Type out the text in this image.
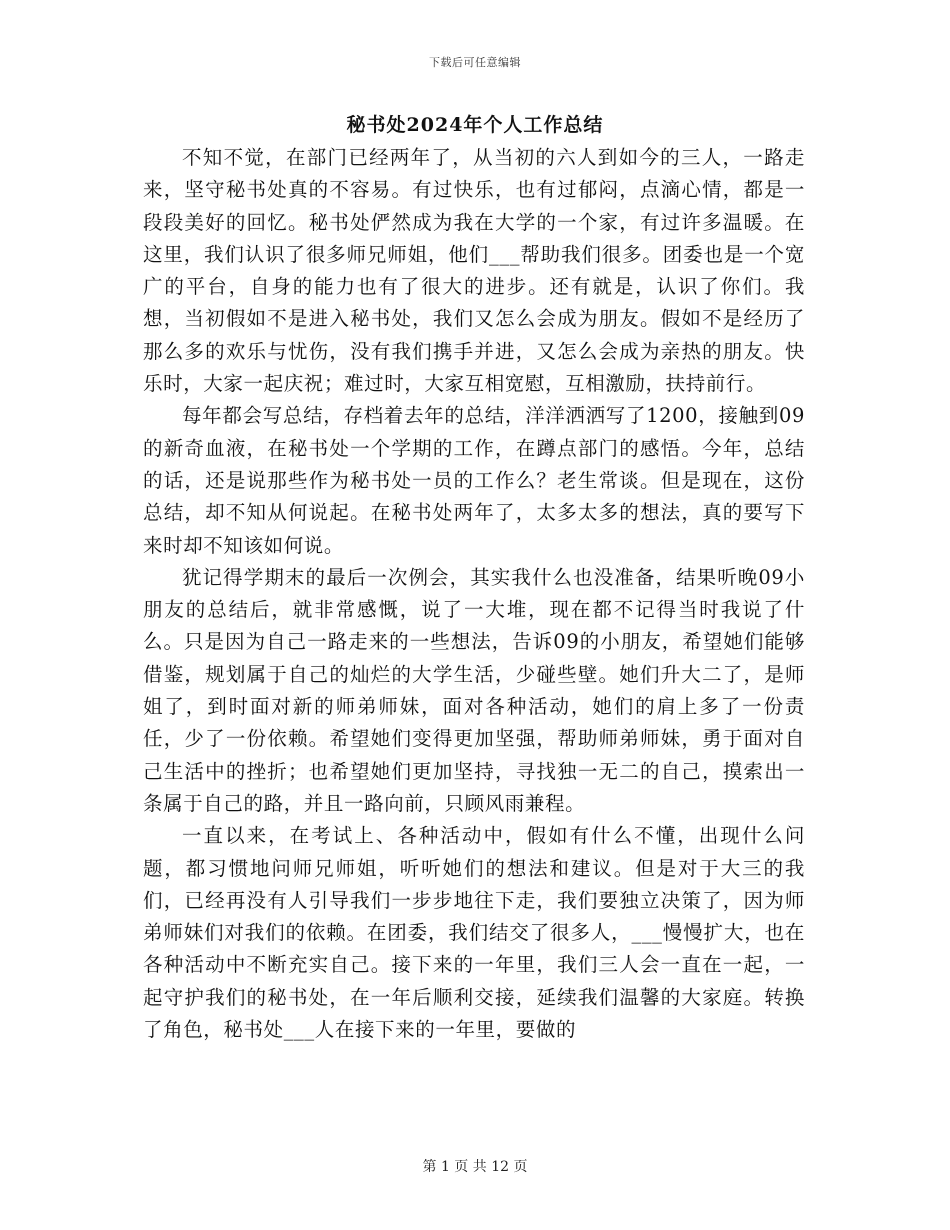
下载后可任意编辑
秘书处2024年个人工作总结

不知不觉，在部门已经两年了，从当初的六人到如今的三人，一路走来，坚守秘书处真的不容易。有过快乐，也有过郁闷，点滴心情，都是一段段美好的回忆。秘书处俨然成为我在大学的一个家，有过许多温暖。在这里，我们认识了很多师兄师姐，他们___帮助我们很多。团委也是一个宽广的平台，自身的能力也有了很大的进步。还有就是，认识了你们。我想，当初假如不是进入秘书处，我们又怎么会成为朋友。假如不是经历了那么多的欢乐与忧伤，没有我们携手并进，又怎么会成为亲热的朋友。快乐时，大家一起庆祝；难过时，大家互相宽慰，互相激励，扶持前行。

每年都会写总结，存档着去年的总结，洋洋洒洒写了1200，接触到09的新奇血液，在秘书处一个学期的工作，在蹲点部门的感悟。今年，总结的话，还是说那些作为秘书处一员的工作么？老生常谈。但是现在，这份总结，却不知从何说起。在秘书处两年了，太多太多的想法，真的要写下来时却不知该如何说。

犹记得学期末的最后一次例会，其实我什么也没准备，结果听晚09小朋友的总结后，就非常感慨，说了一大堆，现在都不记得当时我说了什么。只是因为自己一路走来的一些想法，告诉09的小朋友，希望她们能够借鉴，规划属于自己的灿烂的大学生活，少碰些壁。她们升大二了，是师姐了，到时面对新的师弟师妹，面对各种活动，她们的肩上多了一份责任，少了一份依赖。希望她们变得更加坚强，帮助师弟师妹，勇于面对自己生活中的挫折；也希望她们更加坚持，寻找独一无二的自己，摸索出一条属于自己的路，并且一路向前，只顾风雨兼程。

一直以来，在考试上、各种活动中，假如有什么不懂，出现什么问题，都习惯地问师兄师姐，听听她们的想法和建议。但是对于大三的我们，已经再没有人引导我们一步步地往下走，我们要独立决策了，因为师弟师妹们对我们的依赖。在团委，我们结交了很多人，___慢慢扩大，也在各种活动中不断充实自己。接下来的一年里，我们三人会一直在一起，一起守护我们的秘书处，在一年后顺利交接，延续我们温馨的大家庭。转换了角色，秘书处___人在接下来的一年里，要做的

第 1 页 共 12 页
